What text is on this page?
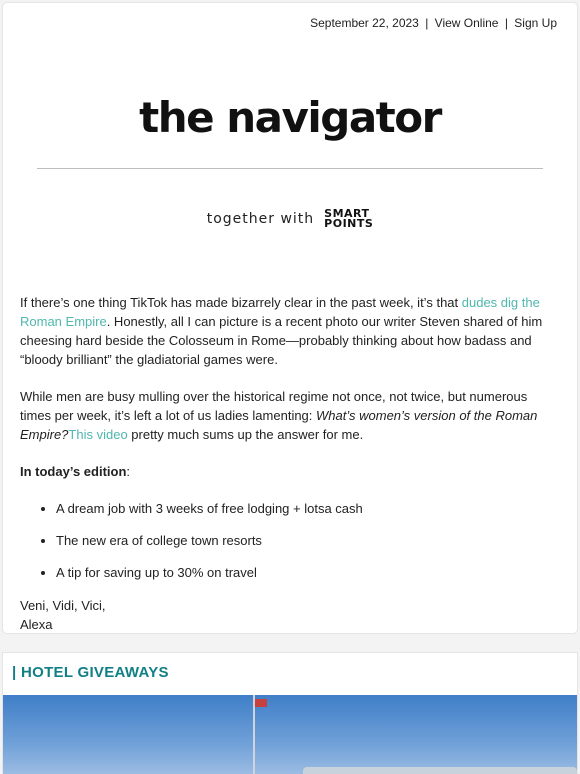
September 22, 2023 | View Online | Sign Up
the navigator
together with SMART
POINTS

If there’s one thing TikTok has made bizarrely clear in the past week, it’s that dudes dig the Roman Empire. Honestly, all I can picture is a recent photo our writer Steven shared of him cheesing hard beside the Colosseum in Rome—probably thinking about how badass and “bloody brilliant” the gladiatorial games were.

While men are busy mulling over the historical regime not once, not twice, but numerous times per week, it’s left a lot of us ladies lamenting: What’s women’s version of the Roman Empire?This video pretty much sums up the answer for me.

In today’s edition:

• A dream job with 3 weeks of free lodging + lotsa cash
• The new era of college town resorts
• A tip for saving up to 30% on travel

Veni, Vidi, Vici,
Alexa

| HOTEL GIVEAWAYS
